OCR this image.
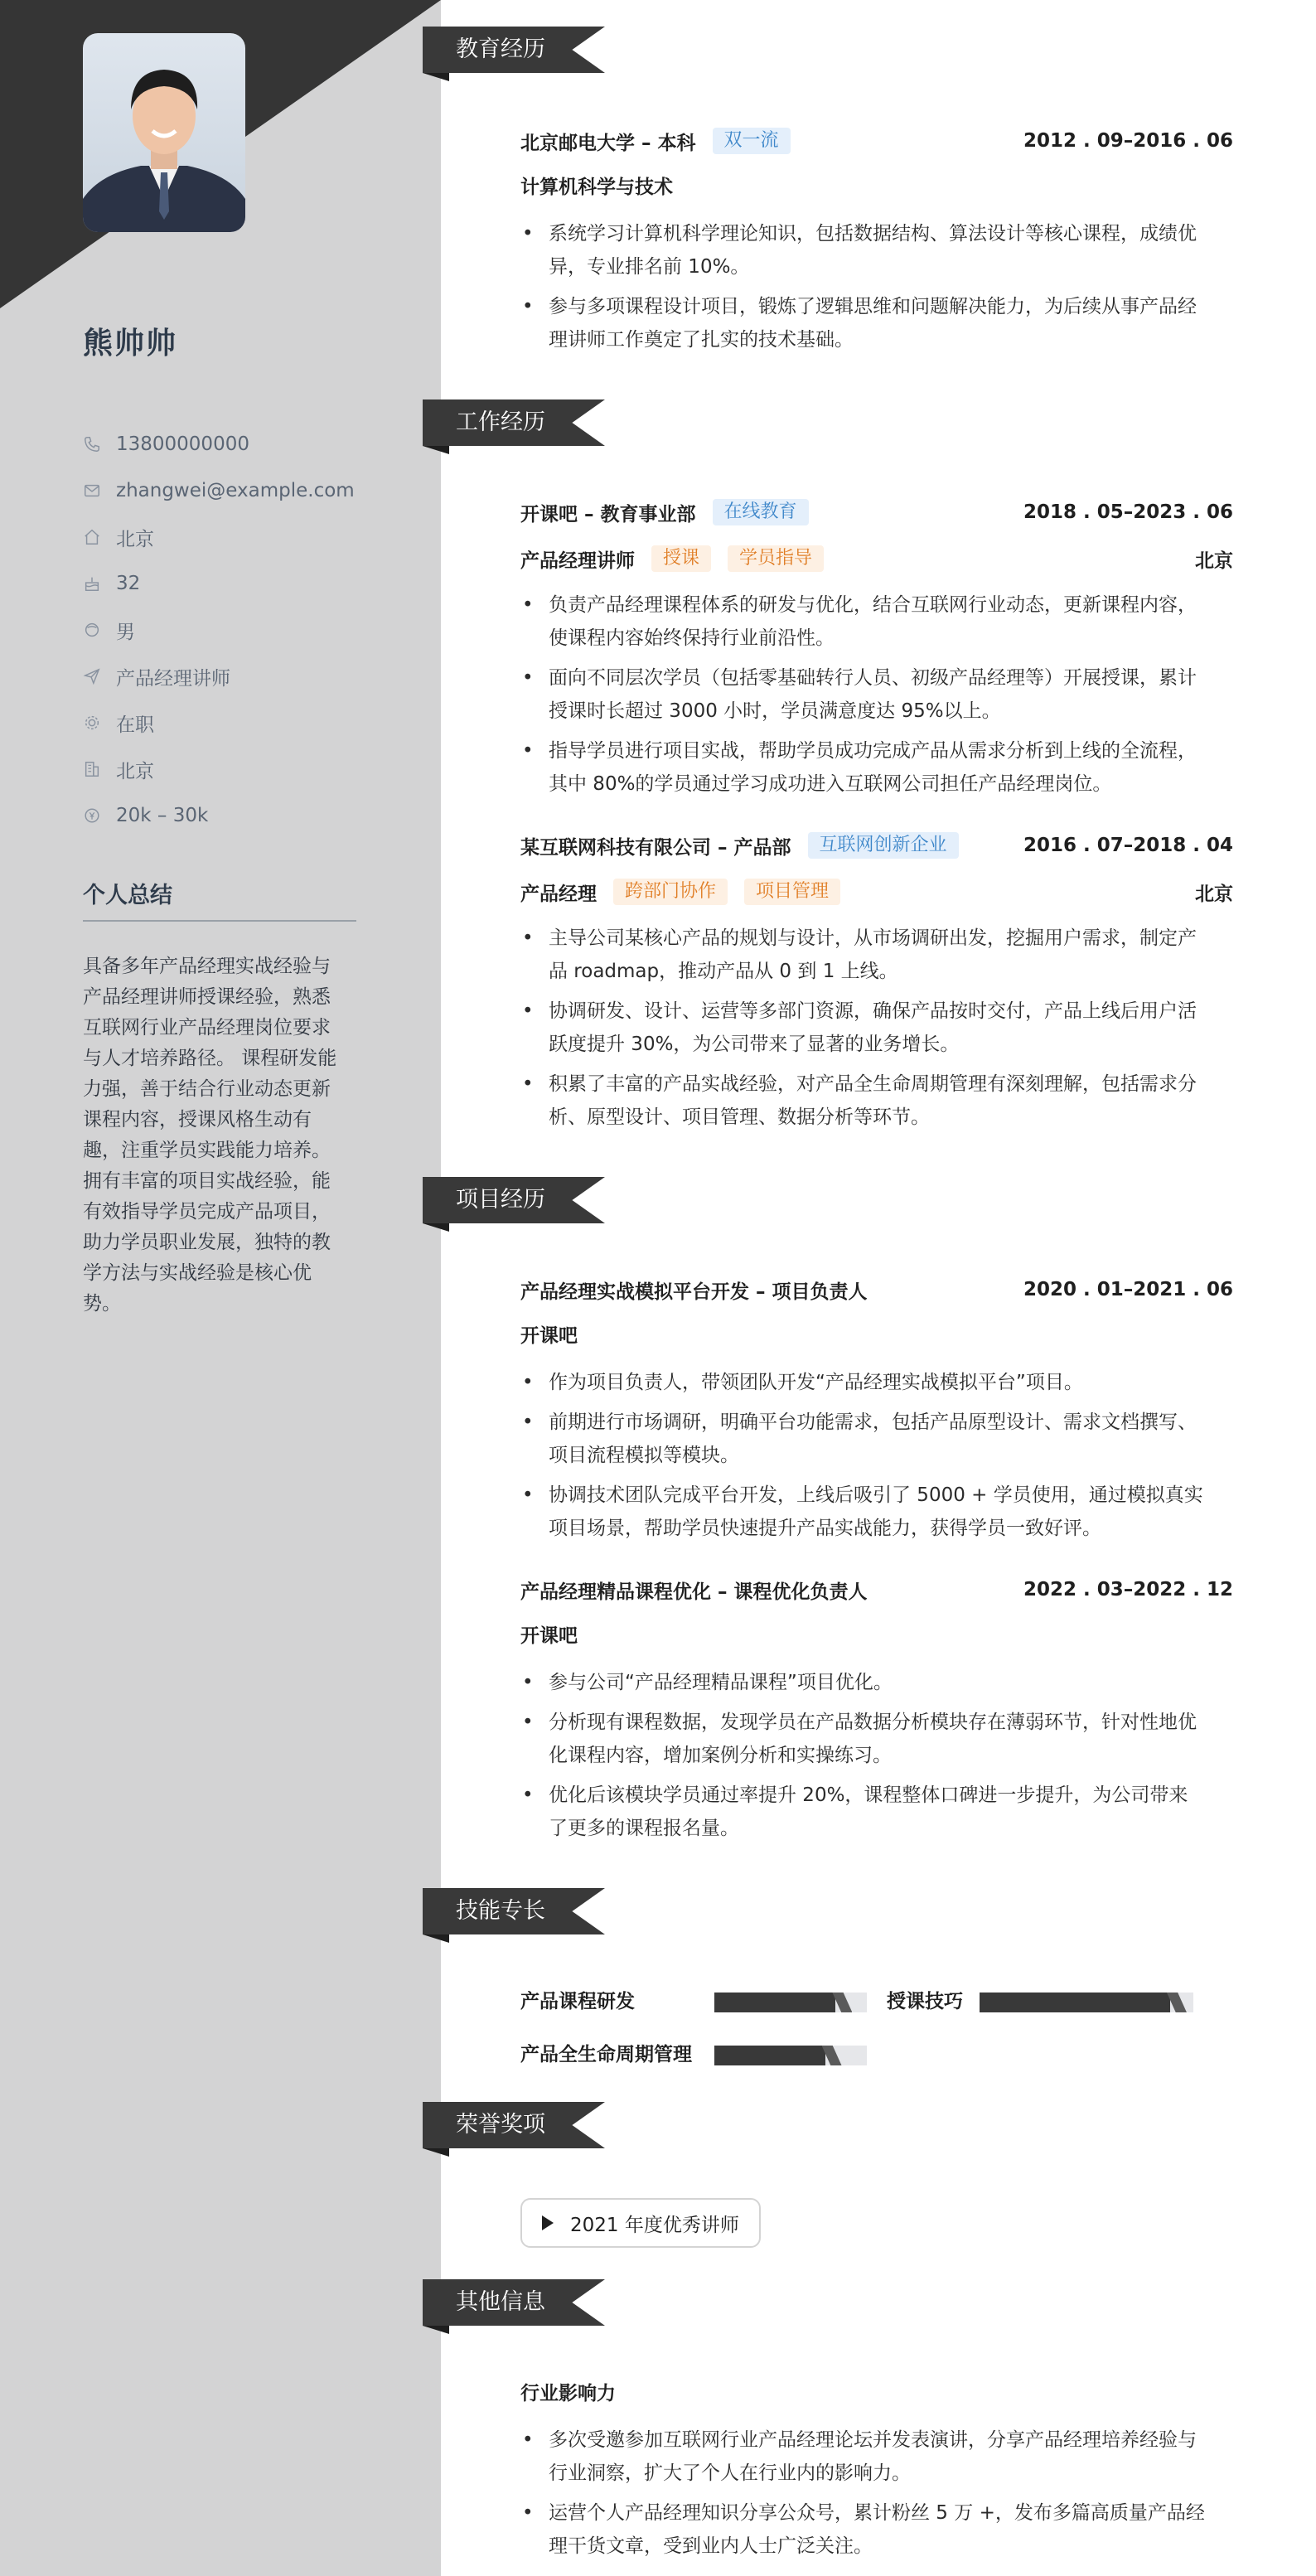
熊帅帅
13800000000
zhangwei@example.com
北京
32
男
产品经理讲师
在职
北京
20k – 30k
个人总结
具备多年产品经理实战经验与
产品经理讲师授课经验，熟悉
互联网行业产品经理岗位要求
与人才培养路径。 课程研发能
力强，善于结合行业动态更新
课程内容，授课风格生动有
趣，注重学员实践能力培养。
拥有丰富的项目实战经验，能
有效指导学员完成产品项目，
助力学员职业发展，独特的教
学方法与实战经验是核心优
势。
教育经历
北京邮电大学 – 本科	双一流	2012 . 09–2016 . 06
计算机科学与技术
• 系统学习计算机科学理论知识，包括数据结构、算法设计等核心课程，成绩优
异，专业排名前 10%。
• 参与多项课程设计项目，锻炼了逻辑思维和问题解决能力，为后续从事产品经
理讲师工作奠定了扎实的技术基础。
工作经历
开课吧 – 教育事业部	在线教育	2018 . 05–2023 . 06
产品经理讲师	授课	学员指导	北京
• 负责产品经理课程体系的研发与优化，结合互联网行业动态，更新课程内容，
使课程内容始终保持行业前沿性。
• 面向不同层次学员（包括零基础转行人员、初级产品经理等）开展授课，累计
授课时长超过 3000 小时，学员满意度达 95%以上。
• 指导学员进行项目实战，帮助学员成功完成产品从需求分析到上线的全流程，
其中 80%的学员通过学习成功进入互联网公司担任产品经理岗位。
某互联网科技有限公司 – 产品部	互联网创新企业	2016 . 07–2018 . 04
产品经理	跨部门协作	项目管理	北京
• 主导公司某核心产品的规划与设计，从市场调研出发，挖掘用户需求，制定产
品 roadmap，推动产品从 0 到 1 上线。
• 协调研发、设计、运营等多部门资源，确保产品按时交付，产品上线后用户活
跃度提升 30%，为公司带来了显著的业务增长。
• 积累了丰富的产品实战经验，对产品全生命周期管理有深刻理解，包括需求分
析、原型设计、项目管理、数据分析等环节。
项目经历
产品经理实战模拟平台开发 – 项目负责人	2020 . 01–2021 . 06
开课吧
• 作为项目负责人，带领团队开发“产品经理实战模拟平台”项目。
• 前期进行市场调研，明确平台功能需求，包括产品原型设计、需求文档撰写、
项目流程模拟等模块。
• 协调技术团队完成平台开发，上线后吸引了 5000 + 学员使用，通过模拟真实
项目场景，帮助学员快速提升产品实战能力，获得学员一致好评。
产品经理精品课程优化 – 课程优化负责人	2022 . 03–2022 . 12
开课吧
• 参与公司“产品经理精品课程”项目优化。
• 分析现有课程数据，发现学员在产品数据分析模块存在薄弱环节，针对性地优
化课程内容，增加案例分析和实操练习。
• 优化后该模块学员通过率提升 20%，课程整体口碑进一步提升，为公司带来
了更多的课程报名量。
技能专长
产品课程研发	授课技巧
产品全生命周期管理
荣誉奖项
2021 年度优秀讲师
其他信息
行业影响力
• 多次受邀参加互联网行业产品经理论坛并发表演讲，分享产品经理培养经验与
行业洞察，扩大了个人在行业内的影响力。
• 运营个人产品经理知识分享公众号，累计粉丝 5 万 +，发布多篇高质量产品经
理干货文章，受到业内人士广泛关注。
